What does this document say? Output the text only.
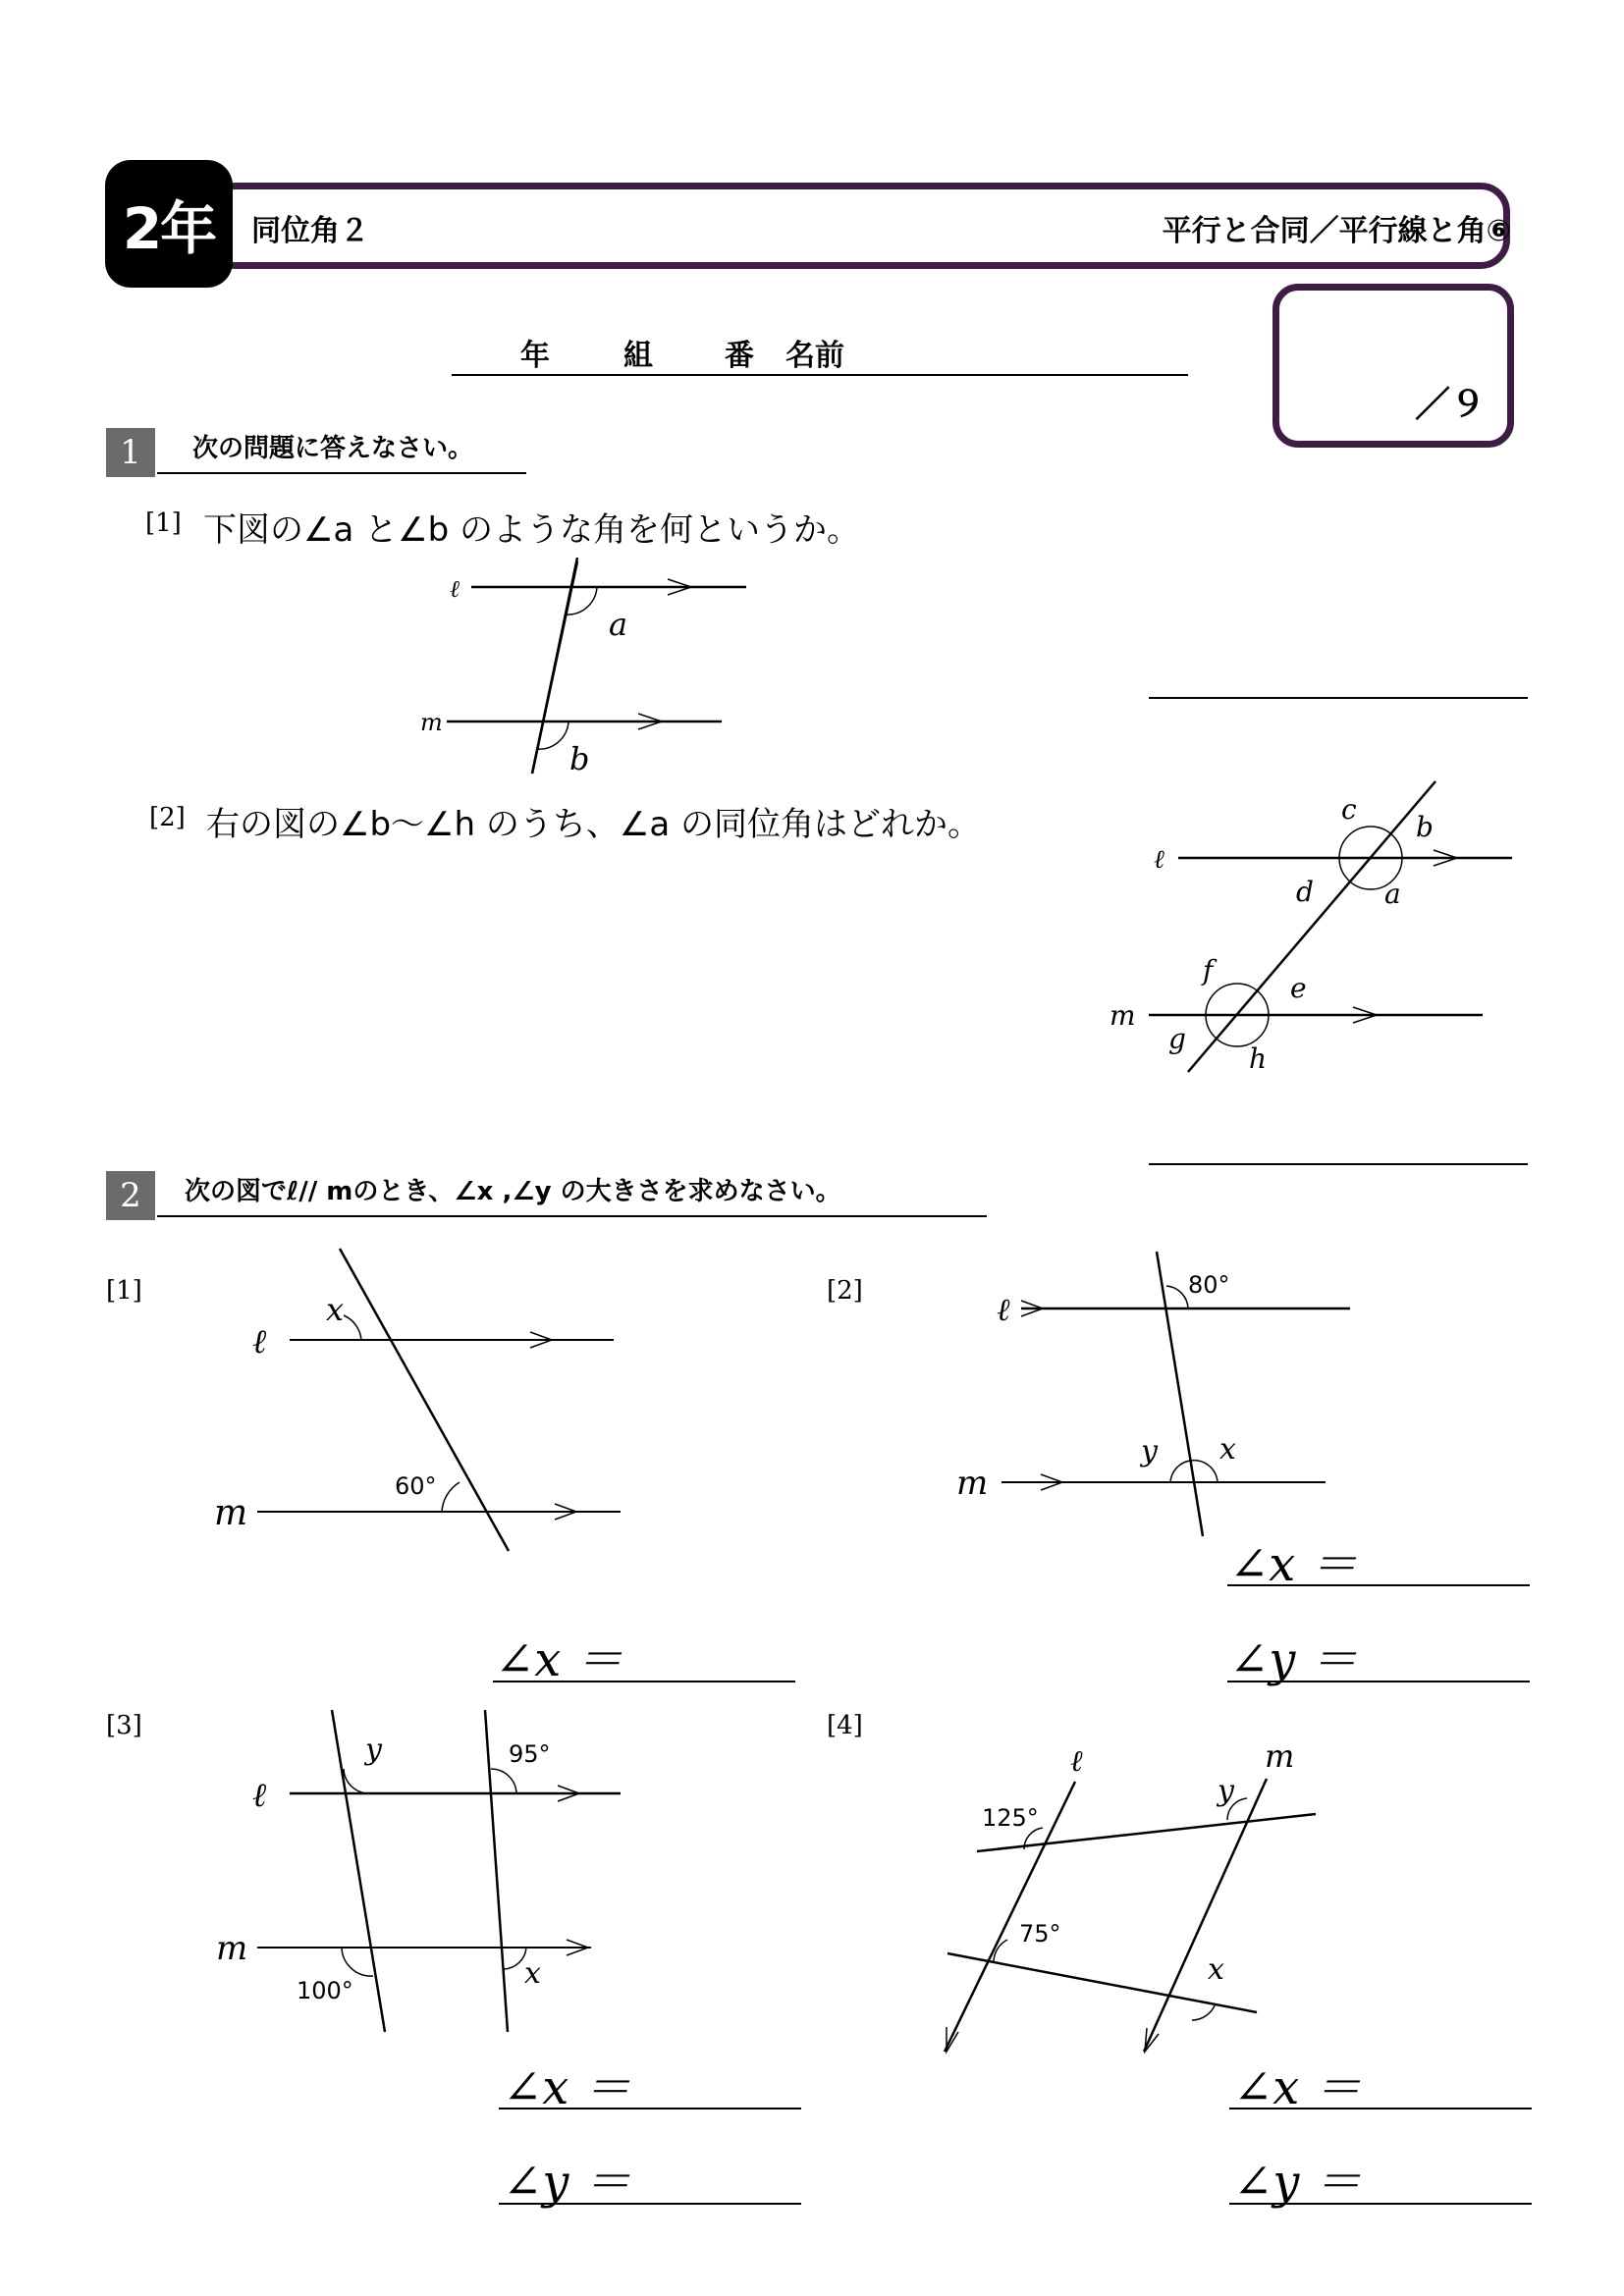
2年	同位角２	平行と合同／平行線と角⑥
年	組 番 名前
／９
1	次の問題に答えなさい。
[1] 下図の∠a と∠b のような角を何というか。
ℓ
m
a
b
[2] 右の図の∠b〜∠h のうち、∠a の同位角はどれか。
ℓ
m
c
b
d	a
f
e
g
h
2	次の図でℓ// mのとき、∠x ,∠y の大きさを求めなさい。
[1]
ℓ
m
x
60°
∠x ＝
[2]	ℓ
m
80°
y x
∠x ＝
∠y ＝
[3]
ℓ
m
y	95°
100°	x
∠x ＝
∠y ＝
[4]
ℓ	m
125°
75°
y
x
∠x ＝
∠y ＝
